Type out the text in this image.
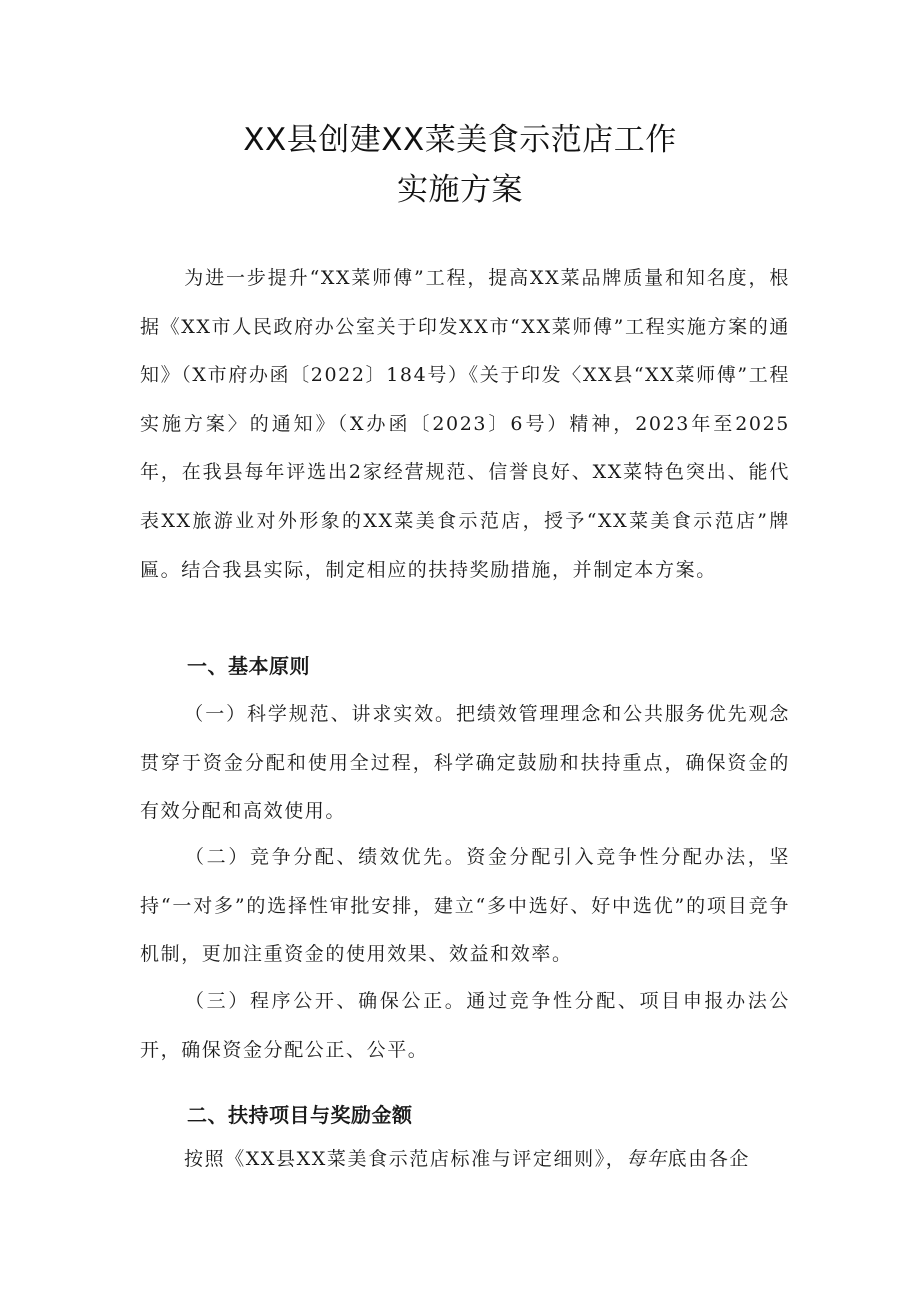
XX县创建XX菜美食示范店工作
实施方案

为进一步提升“XX菜师傅”工程，提高XX菜品牌质量和知名度，根据《XX市人民政府办公室关于印发XX市“XX菜师傅”工程实施方案的通知》（X市府办函〔2022〕184号）《关于印发〈XX县“XX菜师傅”工程实施方案〉的通知》（X办函〔2023〕6号）精神，2023年至2025年，在我县每年评选出2家经营规范、信誉良好、XX菜特色突出、能代表XX旅游业对外形象的XX菜美食示范店，授予“XX菜美食示范店”牌匾。结合我县实际，制定相应的扶持奖励措施，并制定本方案。

一、基本原则

（一）科学规范、讲求实效。把绩效管理理念和公共服务优先观念贯穿于资金分配和使用全过程，科学确定鼓励和扶持重点，确保资金的有效分配和高效使用。

（二）竞争分配、绩效优先。资金分配引入竞争性分配办法，坚持“一对多”的选择性审批安排，建立“多中选好、好中选优”的项目竞争机制，更加注重资金的使用效果、效益和效率。

（三）程序公开、确保公正。通过竞争性分配、项目申报办法公开，确保资金分配公正、公平。

二、扶持项目与奖励金额

按照《XX县XX菜美食示范店标准与评定细则》，每年底由各企
